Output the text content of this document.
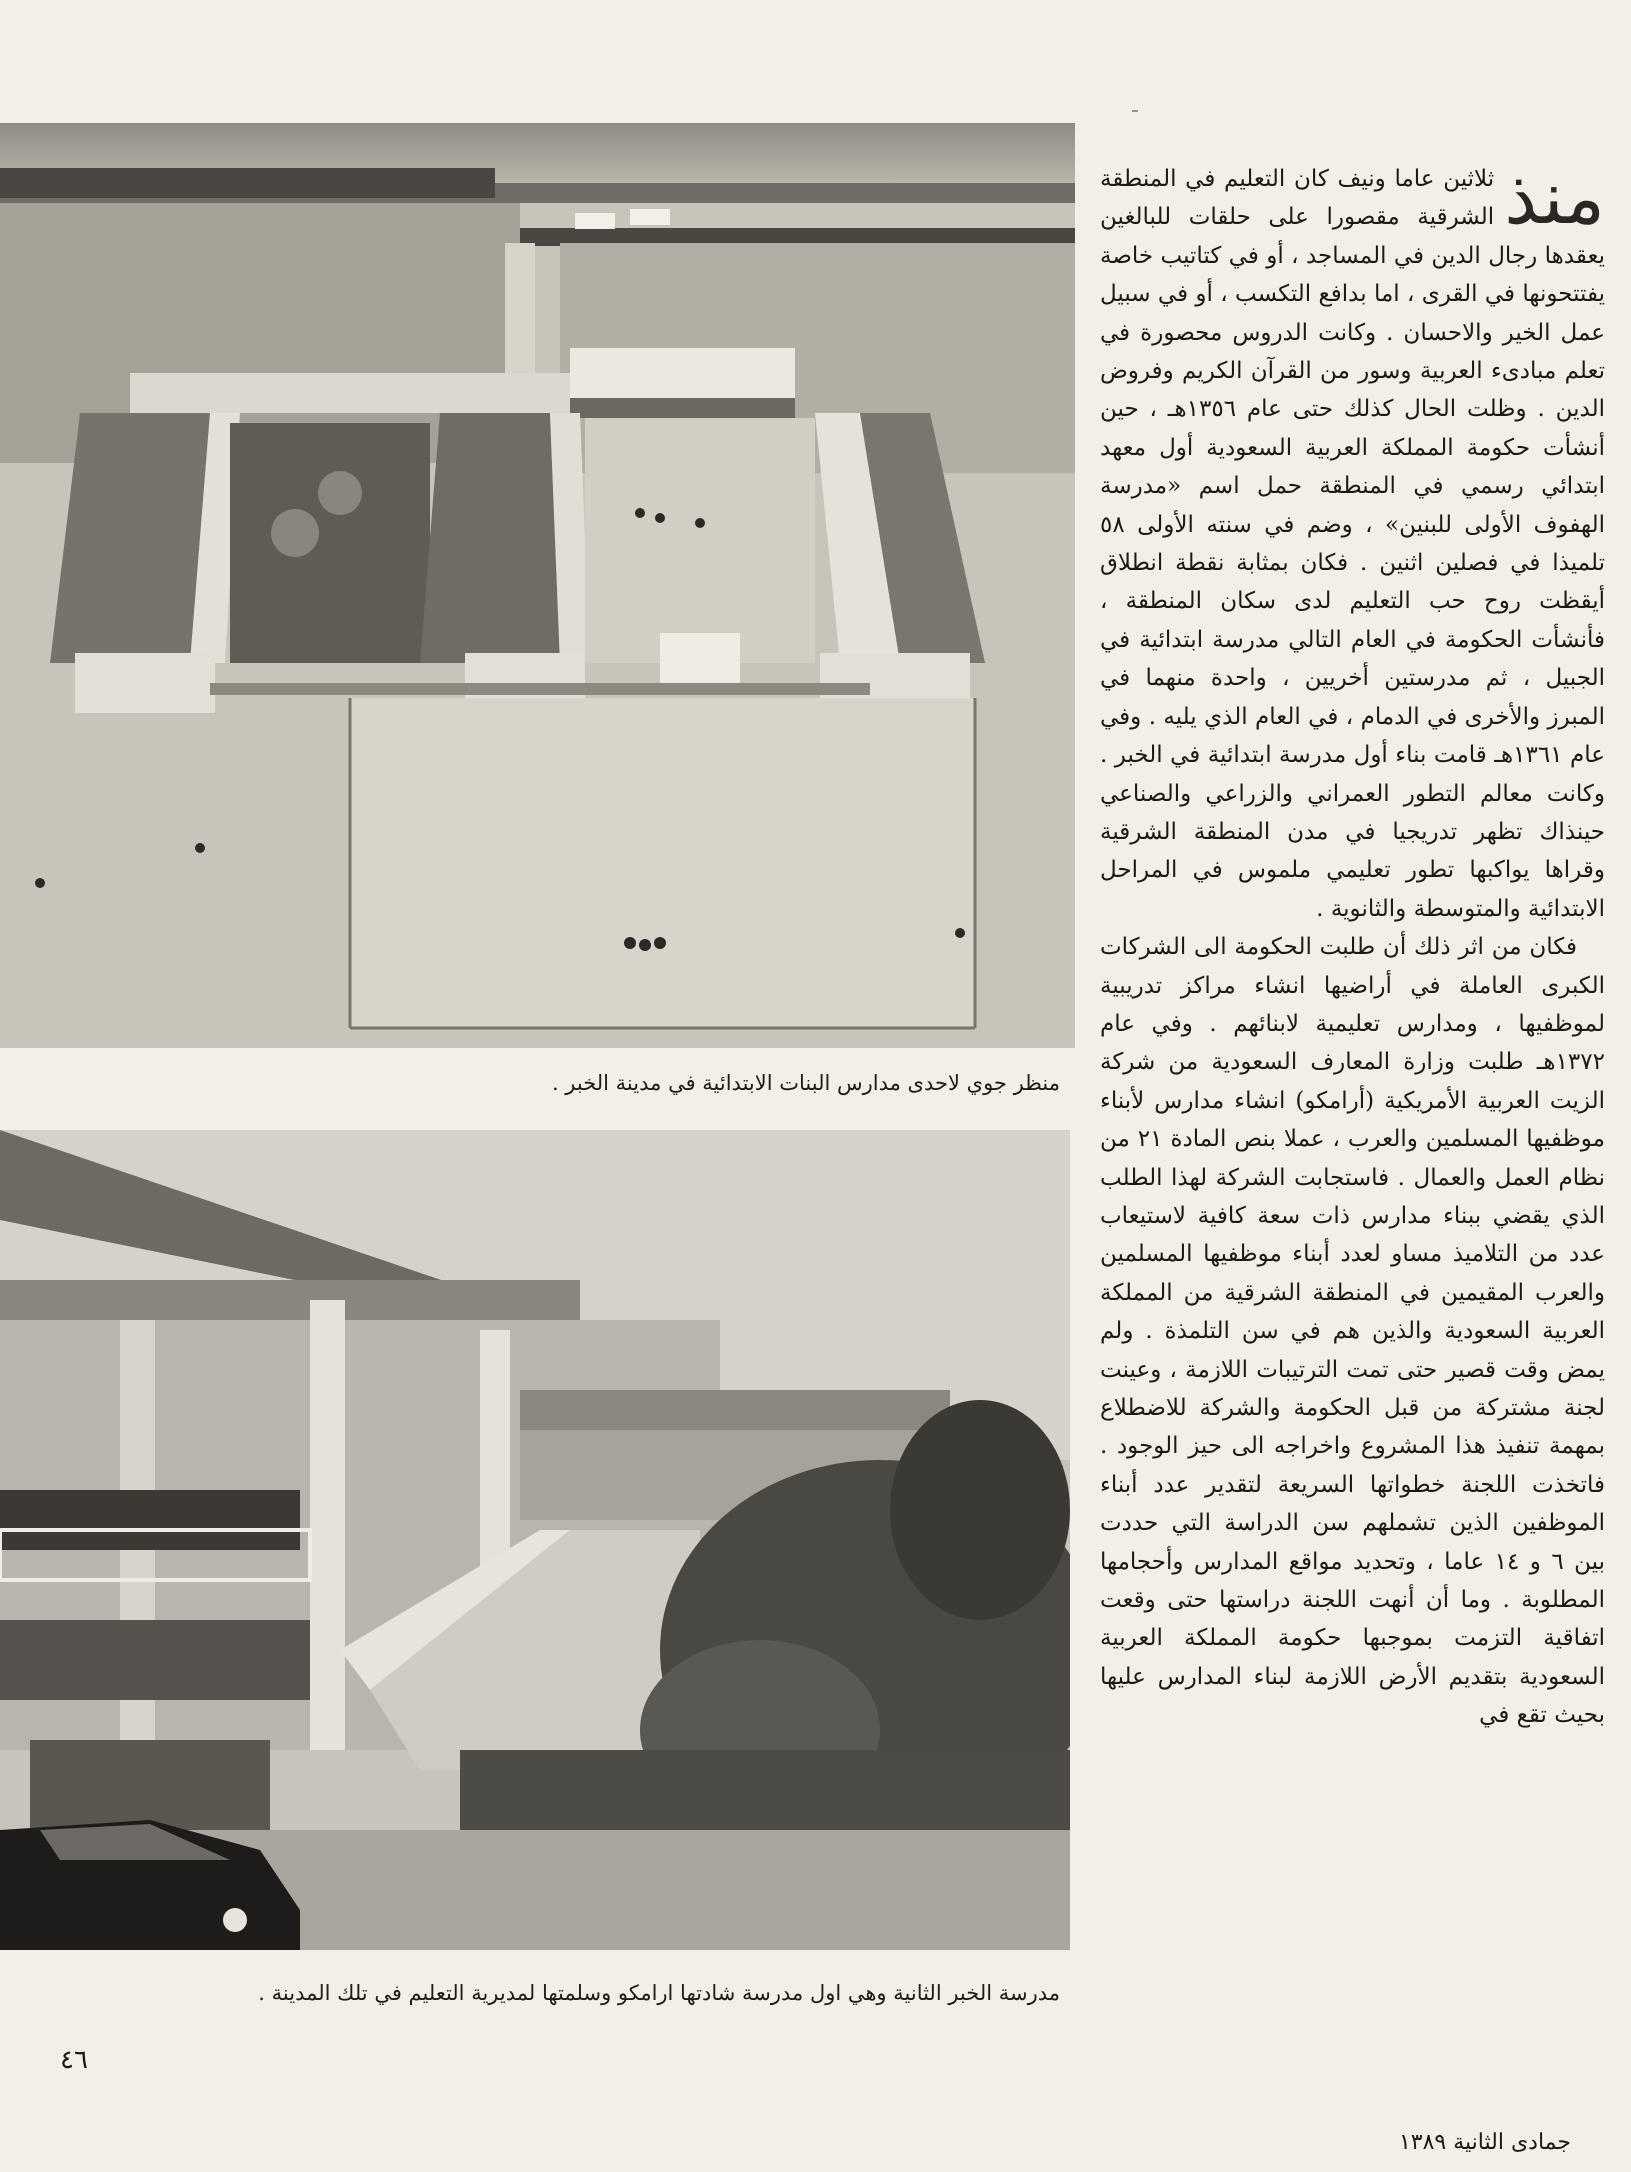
منظر جوي لاحدى مدارس البنات الابتدائية في مدينة الخبر .
مدرسة الخبر الثانية وهي اول مدرسة شادتها ارامكو وسلمتها لمديرية التعليم في تلك المدينة .

منذ
ثلاثين عاما ونيف كان التعليم في المنطقة الشرقية مقصورا على حلقات للبالغين يعقدها رجال الدين في المساجد ، أو في كتاتيب خاصة يفتتحونها في القرى ، اما بدافع التكسب ، أو في سبيل عمل الخير والاحسان . وكانت الدروس محصورة في تعلم مبادىء العربية وسور من القرآن الكريم وفروض الدين . وظلت الحال كذلك حتى عام ١٣٥٦هـ ، حين أنشأت حكومة المملكة العربية السعودية أول معهد ابتدائي رسمي في المنطقة حمل اسم «مدرسة الهفوف الأولى للبنين» ، وضم في سنته الأولى ٥٨ تلميذا في فصلين اثنين . فكان بمثابة نقطة انطلاق أيقظت روح حب التعليم لدى سكان المنطقة ، فأنشأت الحكومة في العام التالي مدرسة ابتدائية في الجبيل ، ثم مدرستين أخريين ، واحدة منهما في المبرز والأخرى في الدمام ، في العام الذي يليه . وفي عام ١٣٦١هـ قامت بناء أول مدرسة ابتدائية في الخبر . وكانت معالم التطور العمراني والزراعي والصناعي حينذاك تظهر تدريجيا في مدن المنطقة الشرقية وقراها يواكبها تطور تعليمي ملموس في المراحل الابتدائية والمتوسطة والثانوية .

فكان من اثر ذلك أن طلبت الحكومة الى الشركات الكبرى العاملة في أراضيها انشاء مراكز تدريبية لموظفيها ، ومدارس تعليمية لابنائهم . وفي عام ١٣٧٢هـ طلبت وزارة المعارف السعودية من شركة الزيت العربية الأمريكية (أرامكو) انشاء مدارس لأبناء موظفيها المسلمين والعرب ، عملا بنص المادة ٢١ من نظام العمل والعمال . فاستجابت الشركة لهذا الطلب الذي يقضي ببناء مدارس ذات سعة كافية لاستيعاب عدد من التلاميذ مساو لعدد أبناء موظفيها المسلمين والعرب المقيمين في المنطقة الشرقية من المملكة العربية السعودية والذين هم في سن التلمذة . ولم يمض وقت قصير حتى تمت الترتيبات اللازمة ، وعينت لجنة مشتركة من قبل الحكومة والشركة للاضطلاع بمهمة تنفيذ هذا المشروع واخراجه الى حيز الوجود . فاتخذت اللجنة خطواتها السريعة لتقدير عدد أبناء الموظفين الذين تشملهم سن الدراسة التي حددت بين ٦ و ١٤ عاما ، وتحديد مواقع المدارس وأحجامها المطلوبة . وما أن أنهت اللجنة دراستها حتى وقعت اتفاقية التزمت بموجبها حكومة المملكة العربية السعودية بتقديم الأرض اللازمة لبناء المدارس عليها بحيث تقع في

٤٦
جمادى الثانية ١٣٨٩
